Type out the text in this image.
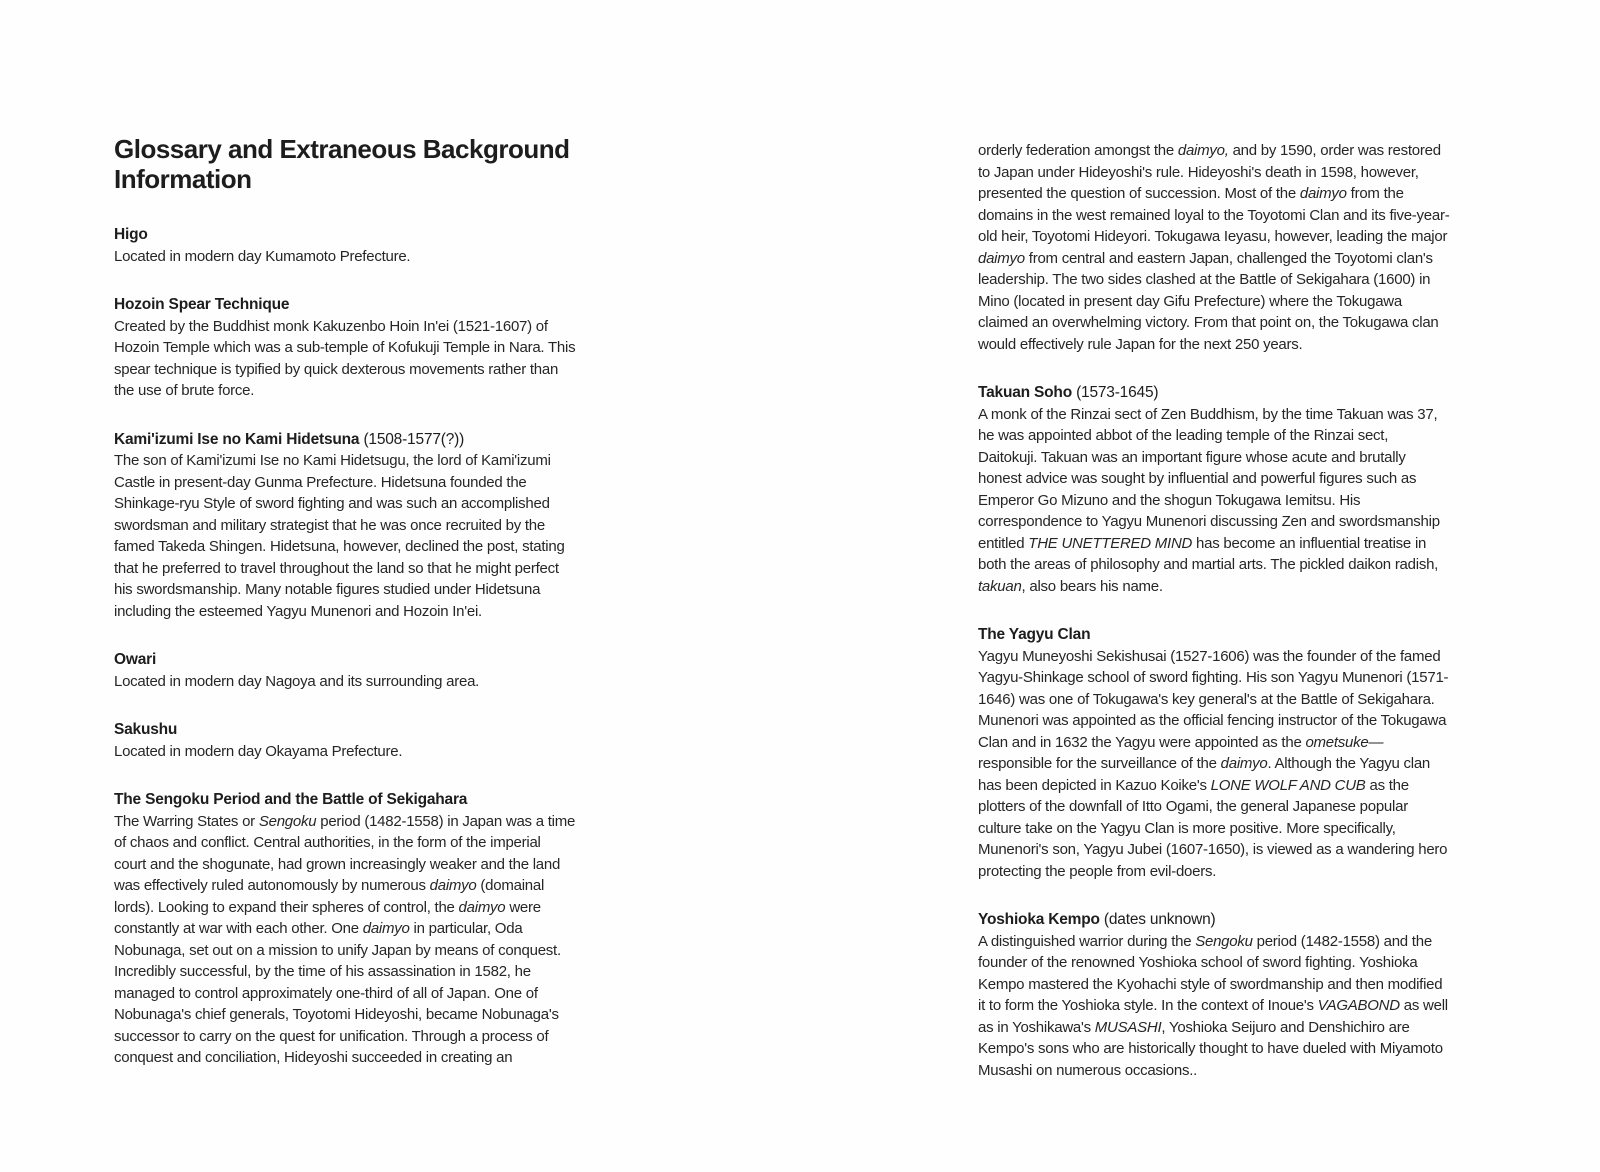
Glossary and Extraneous Background Information
Higo
Located in modern day Kumamoto Prefecture.
Hozoin Spear Technique
Created by the Buddhist monk Kakuzenbo Hoin In'ei (1521-1607) of Hozoin Temple which was a sub-temple of Kofukuji Temple in Nara. This spear technique is typified by quick dexterous movements rather than the use of brute force.
Kami'izumi Ise no Kami Hidetsuna (1508-1577(?))
The son of Kami'izumi Ise no Kami Hidetsugu, the lord of Kami'izumi Castle in present-day Gunma Prefecture. Hidetsuna founded the Shinkage-ryu Style of sword fighting and was such an accomplished swordsman and military strategist that he was once recruited by the famed Takeda Shingen. Hidetsuna, however, declined the post, stating that he preferred to travel throughout the land so that he might perfect his swordsmanship. Many notable figures studied under Hidetsuna including the esteemed Yagyu Munenori and Hozoin In'ei.
Owari
Located in modern day Nagoya and its surrounding area.
Sakushu
Located in modern day Okayama Prefecture.
The Sengoku Period and the Battle of Sekigahara
The Warring States or Sengoku period (1482-1558) in Japan was a time of chaos and conflict. Central authorities, in the form of the imperial court and the shogunate, had grown increasingly weaker and the land was effectively ruled autonomously by numerous daimyo (domainal lords). Looking to expand their spheres of control, the daimyo were constantly at war with each other. One daimyo in particular, Oda Nobunaga, set out on a mission to unify Japan by means of conquest. Incredibly successful, by the time of his assassination in 1582, he managed to control approximately one-third of all of Japan. One of Nobunaga's chief generals, Toyotomi Hideyoshi, became Nobunaga's successor to carry on the quest for unification. Through a process of conquest and conciliation, Hideyoshi succeeded in creating an
orderly federation amongst the daimyo, and by 1590, order was restored to Japan under Hideyoshi's rule. Hideyoshi's death in 1598, however, presented the question of succession. Most of the daimyo from the domains in the west remained loyal to the Toyotomi Clan and its five-year-old heir, Toyotomi Hideyori. Tokugawa Ieyasu, however, leading the major daimyo from central and eastern Japan, challenged the Toyotomi clan's leadership. The two sides clashed at the Battle of Sekigahara (1600) in Mino (located in present day Gifu Prefecture) where the Tokugawa claimed an overwhelming victory. From that point on, the Tokugawa clan would effectively rule Japan for the next 250 years.
Takuan Soho (1573-1645)
A monk of the Rinzai sect of Zen Buddhism, by the time Takuan was 37, he was appointed abbot of the leading temple of the Rinzai sect, Daitokuji. Takuan was an important figure whose acute and brutally honest advice was sought by influential and powerful figures such as Emperor Go Mizuno and the shogun Tokugawa Iemitsu. His correspondence to Yagyu Munenori discussing Zen and swordsmanship entitled THE UNETTERED MIND has become an influential treatise in both the areas of philosophy and martial arts. The pickled daikon radish, takuan, also bears his name.
The Yagyu Clan
Yagyu Muneyoshi Sekishusai (1527-1606) was the founder of the famed Yagyu-Shinkage school of sword fighting. His son Yagyu Munenori (1571-1646) was one of Tokugawa's key general's at the Battle of Sekigahara. Munenori was appointed as the official fencing instructor of the Tokugawa Clan and in 1632 the Yagyu were appointed as the ometsuke—responsible for the surveillance of the daimyo. Although the Yagyu clan has been depicted in Kazuo Koike's LONE WOLF AND CUB as the plotters of the downfall of Itto Ogami, the general Japanese popular culture take on the Yagyu Clan is more positive. More specifically, Munenori's son, Yagyu Jubei (1607-1650), is viewed as a wandering hero protecting the people from evil-doers.
Yoshioka Kempo (dates unknown)
A distinguished warrior during the Sengoku period (1482-1558) and the founder of the renowned Yoshioka school of sword fighting. Yoshioka Kempo mastered the Kyohachi style of swordmanship and then modified it to form the Yoshioka style. In the context of Inoue's VAGABOND as well as in Yoshikawa's MUSASHI, Yoshioka Seijuro and Denshichiro are Kempo's sons who are historically thought to have dueled with Miyamoto Musashi on numerous occasions..
